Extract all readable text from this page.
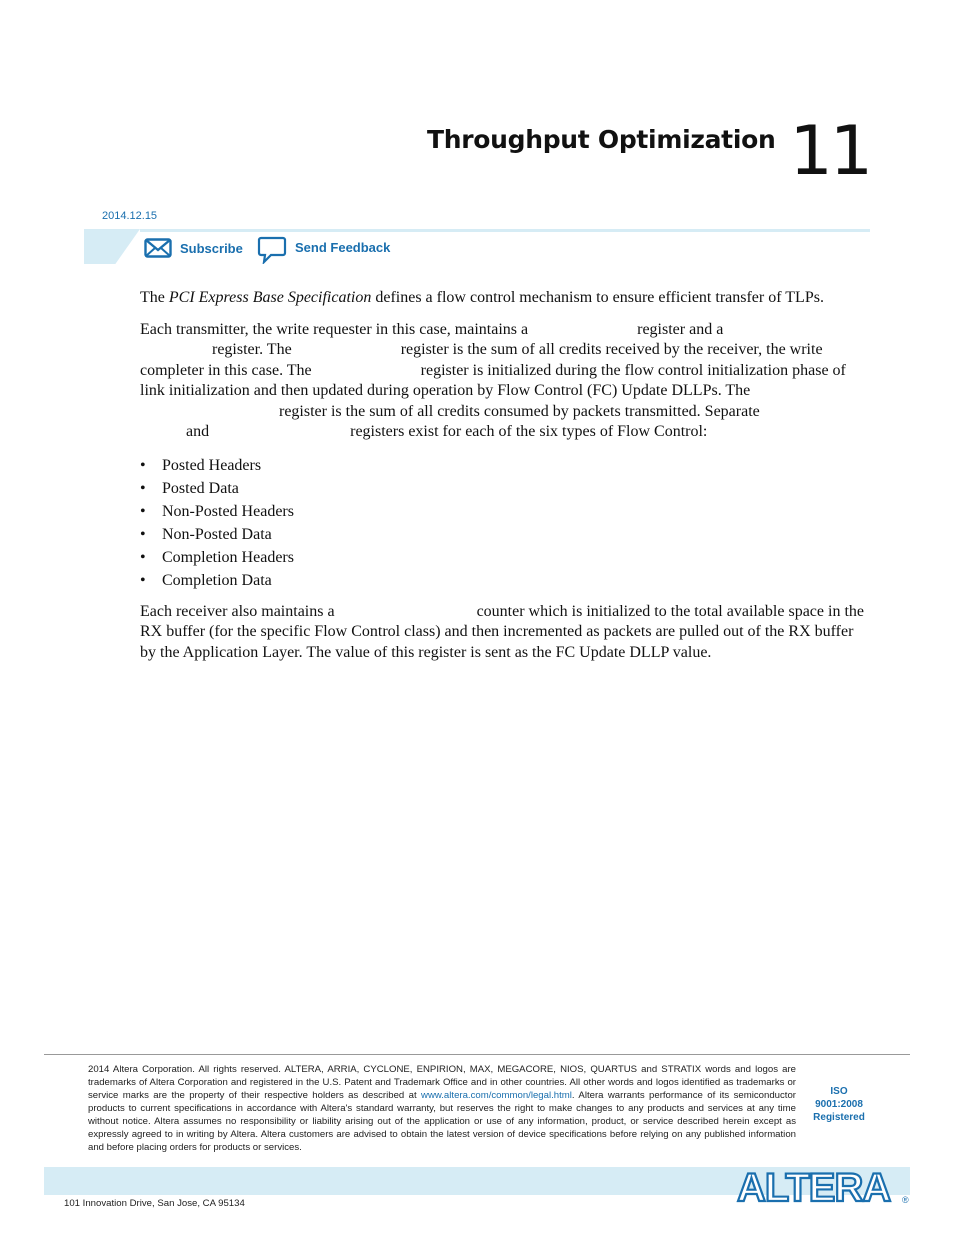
Throughput Optimization 11
2014.12.15
Subscribe	Send Feedback

The PCI Express Base Specification defines a flow control mechanism to ensure efficient transfer of TLPs.

Each transmitter, the write requester in this case, maintains a	register and a
register. The	register is the sum of all credits received by the receiver, the write completer in this case. The	register is initialized during the flow control initialization phase of link initialization and then updated during operation by Flow Control (FC) Update DLLPs. The
register is the sum of all credits consumed by packets transmitted. Separate
and	registers exist for each of the six types of Flow Control:

• Posted Headers
• Posted Data
• Non-Posted Headers
• Non-Posted Data
• Completion Headers
• Completion Data

Each receiver also maintains a	counter which is initialized to the total available space in the RX buffer (for the specific Flow Control class) and then incremented as packets are pulled out of the RX buffer by the Application Layer. The value of this register is sent as the FC Update DLLP value.

2014 Altera Corporation. All rights reserved. ALTERA, ARRIA, CYCLONE, ENPIRION, MAX, MEGACORE, NIOS, QUARTUS and STRATIX words and logos are trademarks of Altera Corporation and registered in the U.S. Patent and Trademark Office and in other countries. All other words and logos identified as trademarks or service marks are the property of their respective holders as described at www.altera.com/common/legal.html. Altera warrants performance of its semiconductor products to current specifications in accordance with Altera's standard warranty, but reserves the right to make changes to any products and services at any time without notice. Altera assumes no responsibility or liability arising out of the application or use of any information, product, or service described herein except as expressly agreed to in writing by Altera. Altera customers are advised to obtain the latest version of device specifications before relying on any published information and before placing orders for products or services.
ISO
9001:2008
Registered
101 Innovation Drive, San Jose, CA 95134	ALTERA ®
